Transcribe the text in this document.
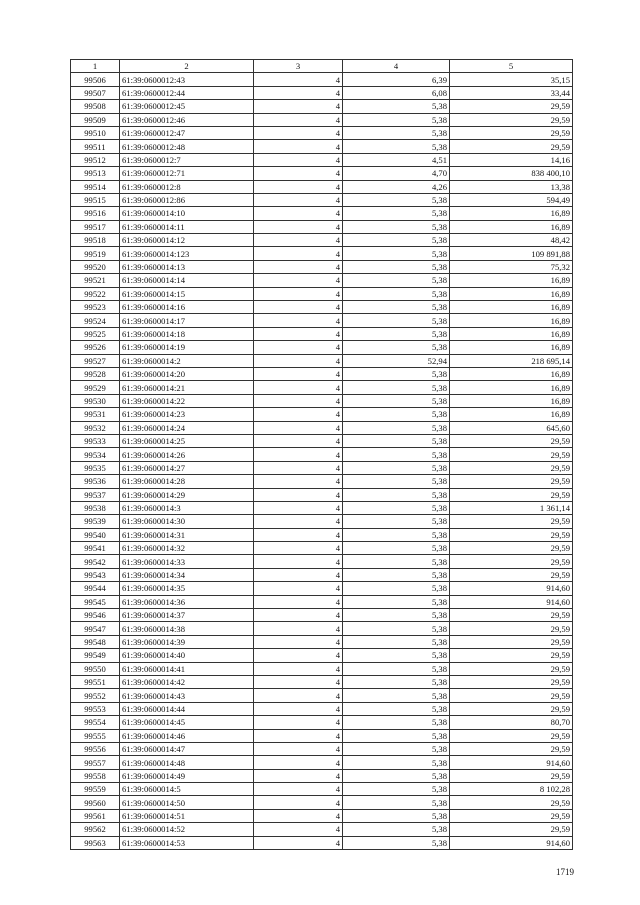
1	2	3	4	5
99506	61:39:0600012:43	4	6,39	35,15
99507	61:39:0600012:44	4	6,08	33,44
99508	61:39:0600012:45	4	5,38	29,59
99509	61:39:0600012:46	4	5,38	29,59
99510	61:39:0600012:47	4	5,38	29,59
99511	61:39:0600012:48	4	5,38	29,59
99512	61:39:0600012:7	4	4,51	14,16
99513	61:39:0600012:71	4	4,70	838 400,10
99514	61:39:0600012:8	4	4,26	13,38
99515	61:39:0600012:86	4	5,38	594,49
99516	61:39:0600014:10	4	5,38	16,89
99517	61:39:0600014:11	4	5,38	16,89
99518	61:39:0600014:12	4	5,38	48,42
99519	61:39:0600014:123	4	5,38	109 891,88
99520	61:39:0600014:13	4	5,38	75,32
99521	61:39:0600014:14	4	5,38	16,89
99522	61:39:0600014:15	4	5,38	16,89
99523	61:39:0600014:16	4	5,38	16,89
99524	61:39:0600014:17	4	5,38	16,89
99525	61:39:0600014:18	4	5,38	16,89
99526	61:39:0600014:19	4	5,38	16,89
99527	61:39:0600014:2	4	52,94	218 695,14
99528	61:39:0600014:20	4	5,38	16,89
99529	61:39:0600014:21	4	5,38	16,89
99530	61:39:0600014:22	4	5,38	16,89
99531	61:39:0600014:23	4	5,38	16,89
99532	61:39:0600014:24	4	5,38	645,60
99533	61:39:0600014:25	4	5,38	29,59
99534	61:39:0600014:26	4	5,38	29,59
99535	61:39:0600014:27	4	5,38	29,59
99536	61:39:0600014:28	4	5,38	29,59
99537	61:39:0600014:29	4	5,38	29,59
99538	61:39:0600014:3	4	5,38	1 361,14
99539	61:39:0600014:30	4	5,38	29,59
99540	61:39:0600014:31	4	5,38	29,59
99541	61:39:0600014:32	4	5,38	29,59
99542	61:39:0600014:33	4	5,38	29,59
99543	61:39:0600014:34	4	5,38	29,59
99544	61:39:0600014:35	4	5,38	914,60
99545	61:39:0600014:36	4	5,38	914,60
99546	61:39:0600014:37	4	5,38	29,59
99547	61:39:0600014:38	4	5,38	29,59
99548	61:39:0600014:39	4	5,38	29,59
99549	61:39:0600014:40	4	5,38	29,59
99550	61:39:0600014:41	4	5,38	29,59
99551	61:39:0600014:42	4	5,38	29,59
99552	61:39:0600014:43	4	5,38	29,59
99553	61:39:0600014:44	4	5,38	29,59
99554	61:39:0600014:45	4	5,38	80,70
99555	61:39:0600014:46	4	5,38	29,59
99556	61:39:0600014:47	4	5,38	29,59
99557	61:39:0600014:48	4	5,38	914,60
99558	61:39:0600014:49	4	5,38	29,59
99559	61:39:0600014:5	4	5,38	8 102,28
99560	61:39:0600014:50	4	5,38	29,59
99561	61:39:0600014:51	4	5,38	29,59
99562	61:39:0600014:52	4	5,38	29,59
99563	61:39:0600014:53	4	5,38	914,60
1719
